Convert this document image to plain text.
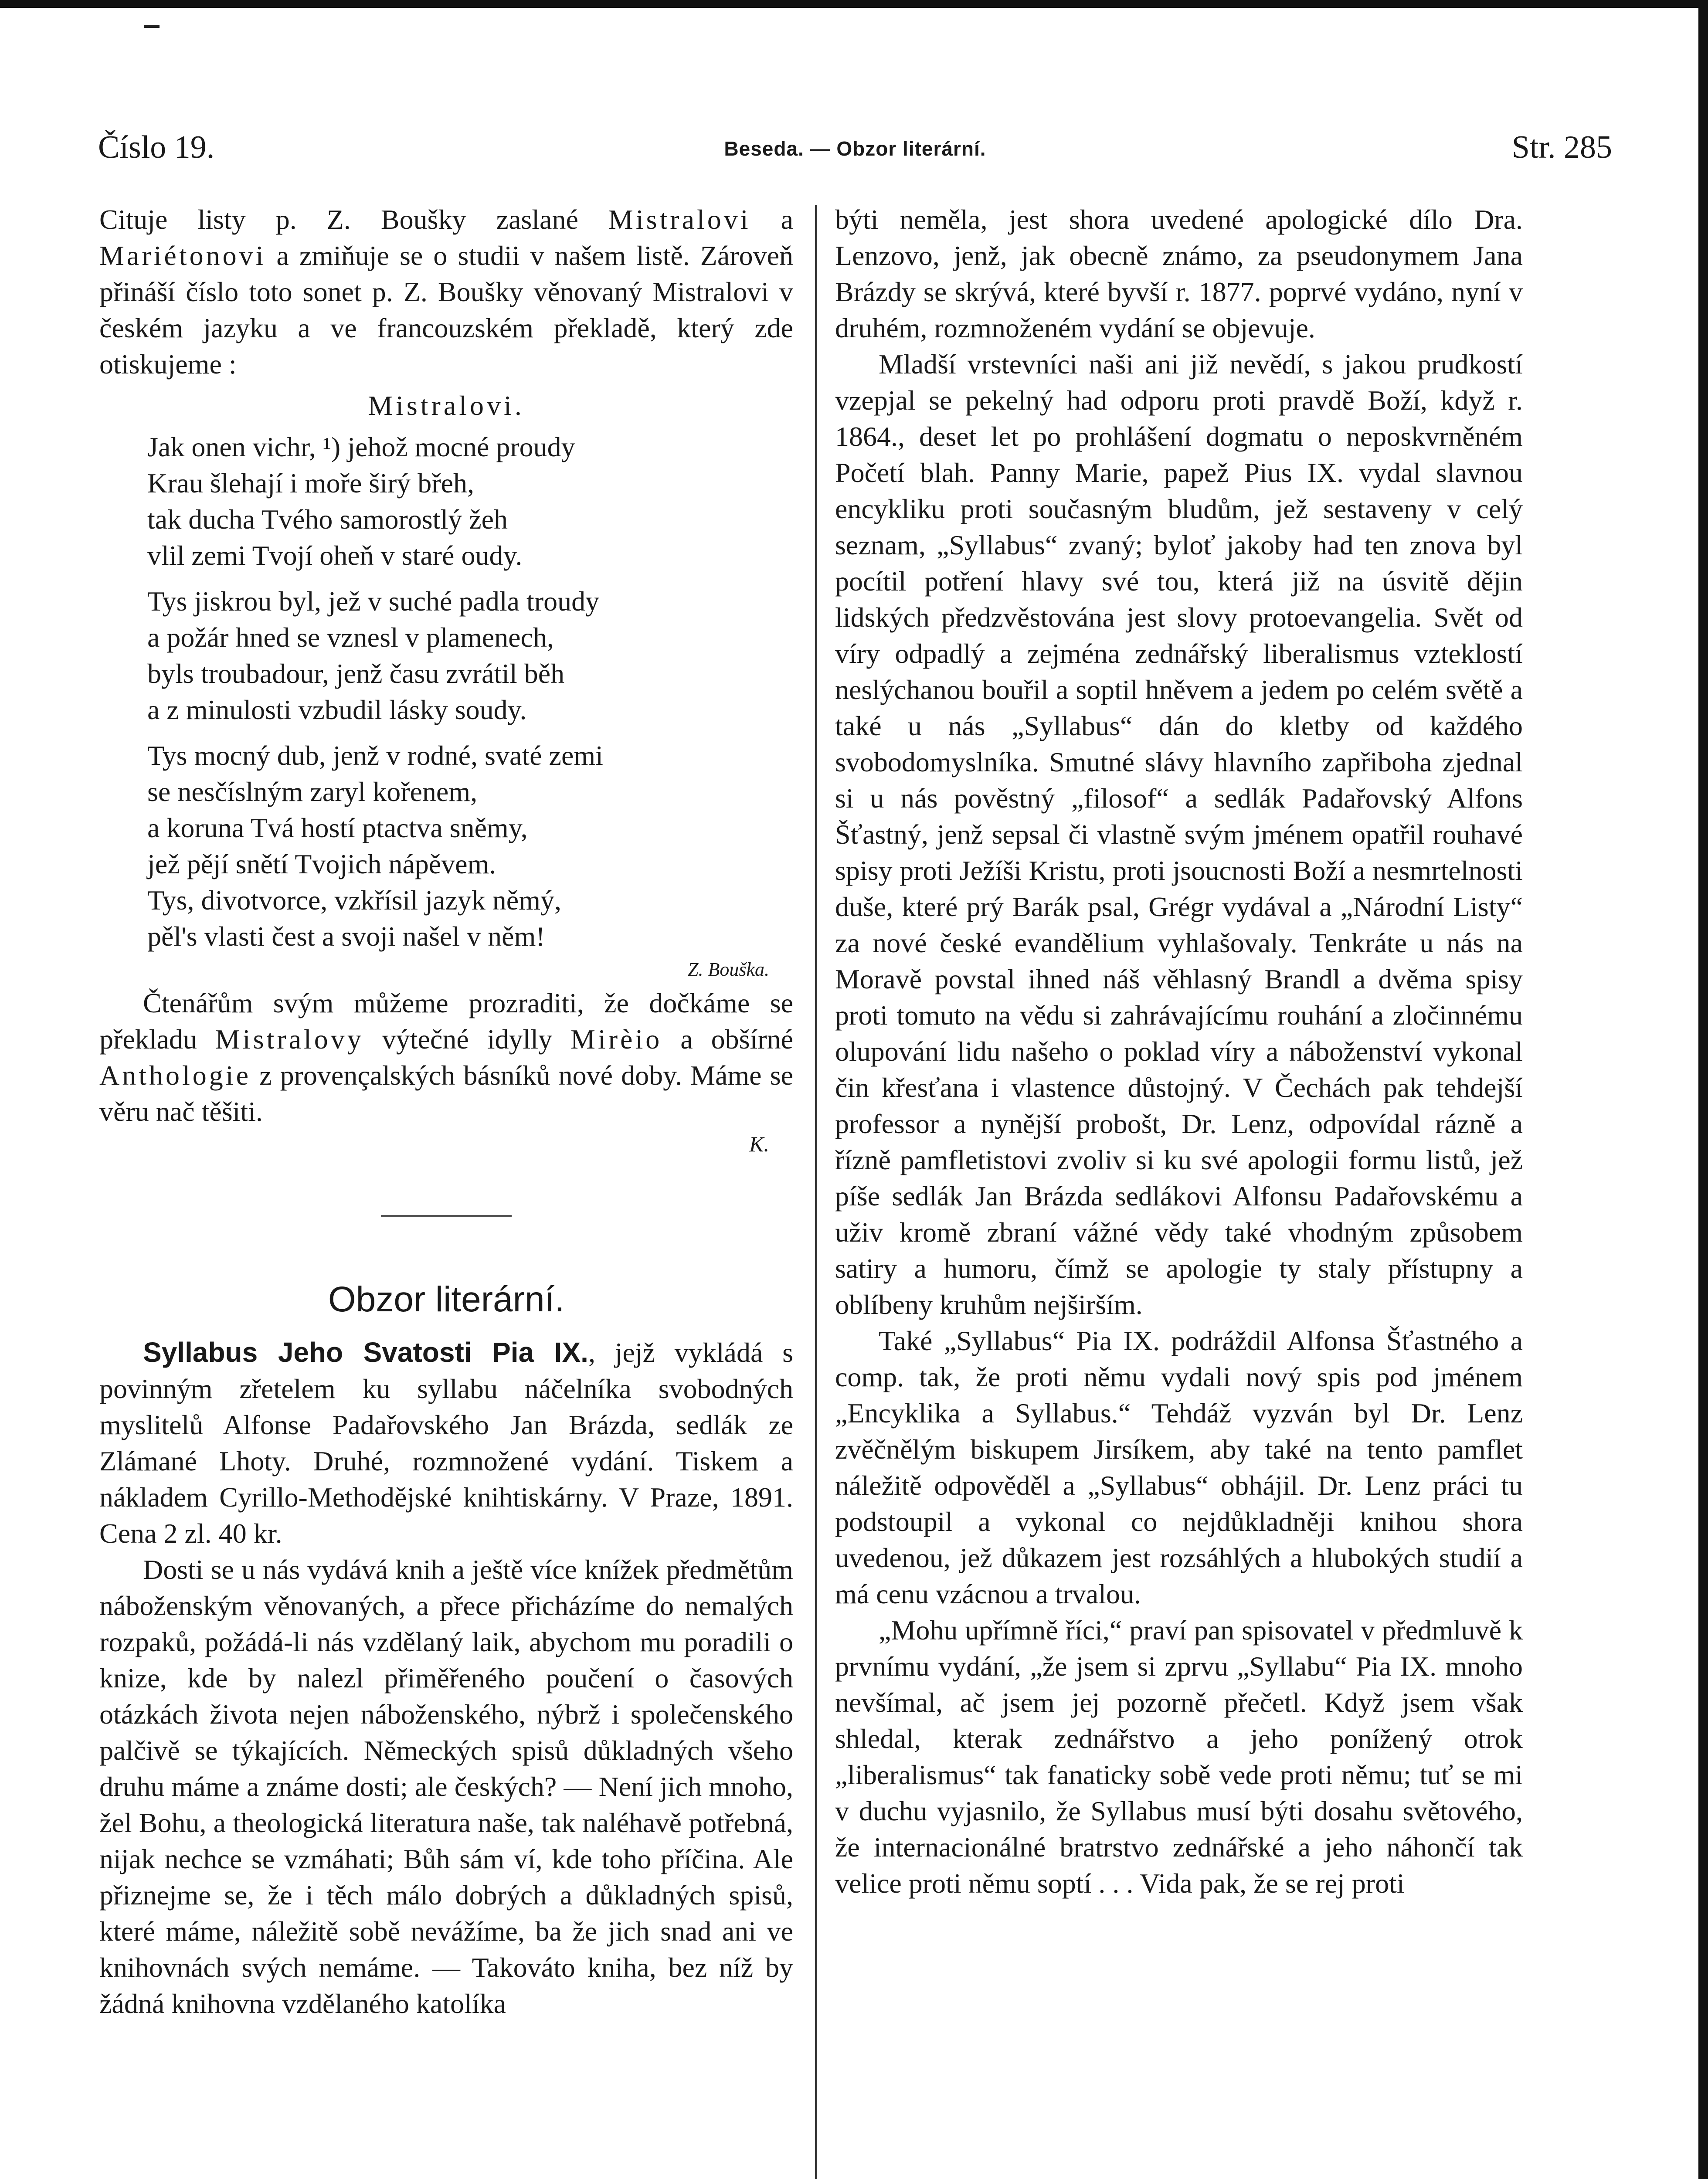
Číslo 19.	Beseda. — Obzor literární.	Str. 285

Cituje listy p. Z. Boušky zaslané Mistralovi a Mariétonovi a zmiňuje se o studii v našem listě. Zároveň přináší číslo toto sonet p. Z. Boušky věnovaný Mistralovi v českém jazyku a ve francouzském překladě, který zde otiskujeme :

Mistralovi.
Jak onen vichr, ¹) jehož mocné proudy
Krau šlehají i moře širý břeh,
tak ducha Tvého samorostlý žeh
vlil zemi Tvojí oheň v staré oudy.
Tys jiskrou byl, jež v suché padla troudy
a požár hned se vznesl v plamenech,
byls troubadour, jenž času zvrátil běh
a z minulosti vzbudil lásky soudy.
Tys mocný dub, jenž v rodné, svaté zemi
se nesčíslným zaryl kořenem,
a koruna Tvá hostí ptactva sněmy,
jež pějí snětí Tvojich nápěvem.
Tys, divotvorce, vzkřísil jazyk němý,
pěl's vlasti čest a svoji našel v něm!
Z. Bouška.

Čtenářům svým můžeme prozraditi, že dočkáme se překladu Mistralovy výtečné idylly Mirèio a obšírné Anthologie z provençalských básníků nové doby. Máme se věru nač těšiti.

K.
Obzor literární.

Syllabus Jeho Svatosti Pia IX., jejž vykládá s povinným zřetelem ku syllabu náčelníka svobodných myslitelů Alfonse Padařovského Jan Brázda, sedlák ze Zlámané Lhoty. Druhé, rozmnožené vydání. Tiskem a nákladem Cyrillo-Methodějské knihtiskárny. V Praze, 1891. Cena 2 zl. 40 kr.

Dosti se u nás vydává knih a ještě více knížek předmětům náboženským věnovaných, a přece přicházíme do nemalých rozpaků, požádá-li nás vzdělaný laik, abychom mu poradili o knize, kde by nalezl přiměřeného poučení o časových otázkách života nejen náboženského, nýbrž i společenského palčivě se týkajících. Německých spisů důkladných všeho druhu máme a známe dosti; ale českých? — Není jich mnoho, žel Bohu, a theologická literatura naše, tak naléhavě potřebná, nijak nechce se vzmáhati; Bůh sám ví, kde toho příčina. Ale přiznejme se, že i těch málo dobrých a důkladných spisů, které máme, náležitě sobě nevážíme, ba že jich snad ani ve knihovnách svých nemáme. — Takováto kniha, bez níž by žádná knihovna vzdělaného katolíka

býti neměla, jest shora uvedené apologické dílo Dra. Lenzovo, jenž, jak obecně známo, za pseudonymem Jana Brázdy se skrývá, které byvší r. 1877. poprvé vydáno, nyní v druhém, rozmnoženém vydání se objevuje.

Mladší vrstevníci naši ani již nevědí, s jakou prudkostí vzepjal se pekelný had odporu proti pravdě Boží, když r. 1864., deset let po prohlášení dogmatu o neposkvrněném Početí blah. Panny Marie, papež Pius IX. vydal slavnou encykliku proti současným bludům, jež sestaveny v celý seznam, „Syllabus“ zvaný; byloť jakoby had ten znova byl pocítil potření hlavy své tou, která již na úsvitě dějin lidských předzvěstována jest slovy protoevangelia. Svět od víry odpadlý a zejména zednářský liberalismus vzteklostí neslýchanou bouřil a soptil hněvem a jedem po celém světě a také u nás „Syllabus“ dán do kletby od každého svobodomyslníka. Smutné slávy hlavního zapřiboha zjednal si u nás pověstný „filosof“ a sedlák Padařovský Alfons Šťastný, jenž sepsal či vlastně svým jménem opatřil rouhavé spisy proti Ježíši Kristu, proti jsoucnosti Boží a nesmrtelnosti duše, které prý Barák psal, Grégr vydával a „Národní Listy“ za nové české evandělium vyhlašovaly. Tenkráte u nás na Moravě povstal ihned náš věhlasný Brandl a dvěma spisy proti tomuto na vědu si zahrávajícímu rouhání a zločinnému olupování lidu našeho o poklad víry a náboženství vykonal čin křesťana i vlastence důstojný. V Čechách pak tehdejší professor a nynější probošt, Dr. Lenz, odpovídal rázně a řízně pamfletistovi zvoliv si ku své apologii formu listů, jež píše sedlák Jan Brázda sedlákovi Alfonsu Padařovskému a uživ kromě zbraní vážné vědy také vhodným způsobem satiry a humoru, čímž se apologie ty staly přístupny a oblíbeny kruhům nejširším.

Také „Syllabus“ Pia IX. podráždil Alfonsa Šťastného a comp. tak, že proti němu vydali nový spis pod jménem „Encyklika a Syllabus.“ Tehdáž vyzván byl Dr. Lenz zvěčnělým biskupem Jirsíkem, aby také na tento pamflet náležitě odpověděl a „Syllabus“ obhájil. Dr. Lenz práci tu podstoupil a vykonal co nejdůkladněji knihou shora uvedenou, jež důkazem jest rozsáhlých a hlubokých studií a má cenu vzácnou a trvalou.

„Mohu upřímně říci,“ praví pan spisovatel v předmluvě k prvnímu vydání, „že jsem si zprvu „Syllabu“ Pia IX. mnoho nevšímal, ač jsem jej pozorně přečetl. Když jsem však shledal, kterak zednářstvo a jeho ponížený otrok „liberalismus“ tak fanaticky sobě vede proti němu; tuť se mi v duchu vyjasnilo, že Syllabus musí býti dosahu světového, že internacionálné bratrstvo zednářské a jeho náhončí tak velice proti němu soptí . . . Vida pak, že se rej proti
